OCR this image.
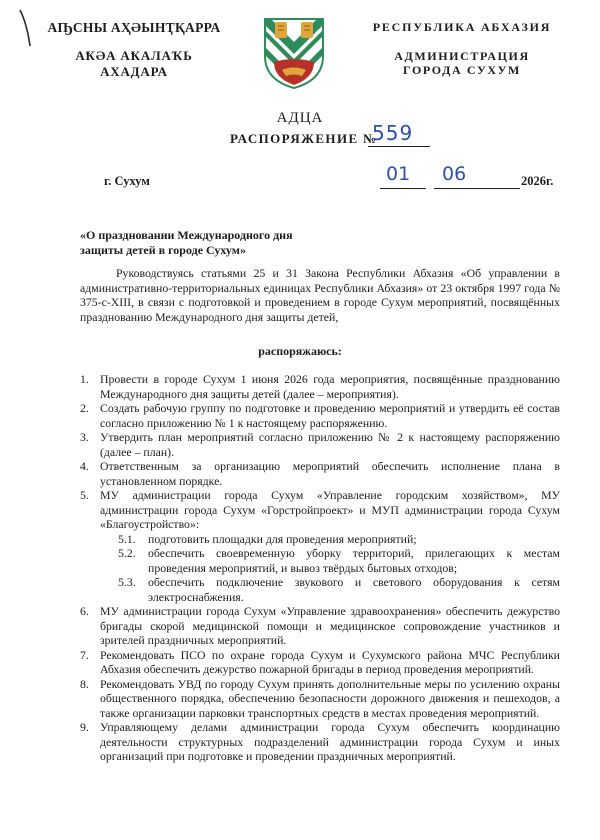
АҦСНЫ АҲӘЫНҬҚАРРА
АҞӘА АҞАЛАҠЬ
АХАДАРА
РЕСПУБЛИКА АБХАЗИЯ
АДМИНИСТРАЦИЯ
ГОРОДА СУХУМ
АДЦА
РАСПОРЯЖЕНИЕ №
559
г. Сухум	01 06	2026г.
«О праздновании Международного дня
защиты детей в городе Сухум»
Руководствуясь статьями 25 и 31 Закона Республики Абхазия «Об управлении в административно-территориальных единицах Республики Абхазия» от 23 октября 1997 года № 375-с-XIII, в связи с подготовкой и проведением в городе Сухум мероприятий, посвящённых празднованию Международного дня защиты детей,
распоряжаюсь:
1. Провести в городе Сухум 1 июня 2026 года мероприятия, посвящённые празднованию Международного дня защиты детей (далее – мероприятия).
2. Создать рабочую группу по подготовке и проведению мероприятий и утвердить её состав согласно приложению № 1 к настоящему распоряжению.
3. Утвердить план мероприятий согласно приложению № 2 к настоящему распоряжению (далее – план).
4. Ответственным за организацию мероприятий обеспечить исполнение плана в установленном порядке.
5. МУ администрации города Сухум «Управление городским хозяйством», МУ администрации города Сухум «Горстройпроект» и МУП администрации города Сухум «Благоустройство»:
5.1.	подготовить площадки для проведения мероприятий;
5.2.	обеспечить своевременную уборку территорий, прилегающих к местам проведения мероприятий, и вывоз твёрдых бытовых отходов;
5.3.	обеспечить подключение звукового и светового оборудования к сетям электроснабжения.
6. МУ администрации города Сухум «Управление здравоохранения» обеспечить дежурство бригады скорой медицинской помощи и медицинское сопровождение участников и зрителей праздничных мероприятий.
7. Рекомендовать ПСО по охране города Сухум и Сухумского района МЧС Республики Абхазия обеспечить дежурство пожарной бригады в период проведения мероприятий.
8. Рекомендовать УВД по городу Сухум принять дополнительные меры по усилению охраны общественного порядка, обеспечению безопасности дорожного движения и пешеходов, а также организации парковки транспортных средств в местах проведения мероприятий.
9. Управляющему делами администрации города Сухум обеспечить координацию деятельности структурных подразделений администрации города Сухум и иных организаций при подготовке и проведении праздничных мероприятий.
